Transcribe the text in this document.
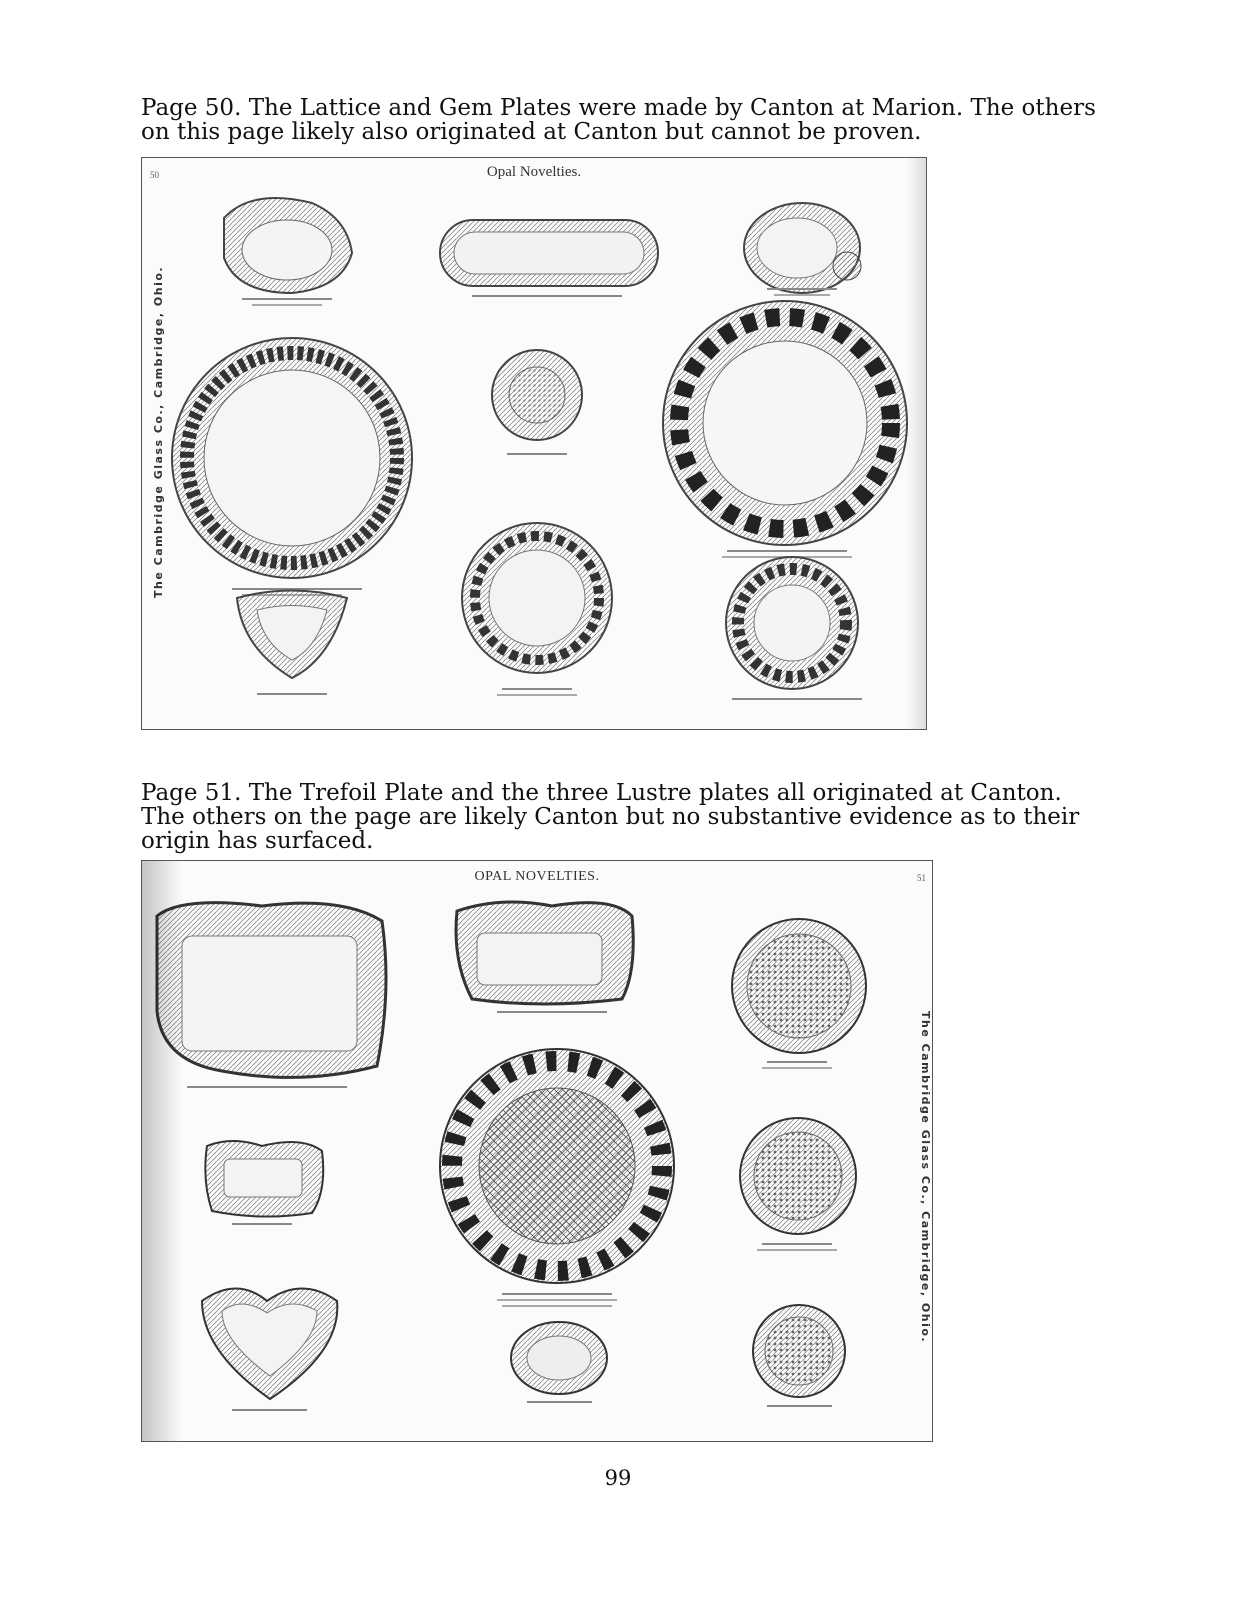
Page 50. The Lattice and Gem Plates were made by Canton at Marion. The others on this page likely also originated at Canton but cannot be proven.

50	Opal Novelties.
The Cambridge Glass Co., Cambridge, Ohio.

Page 51. The Trefoil Plate and the three Lustre plates all originated at Canton. The others on the page are likely Canton but no substantive evidence as to their origin has surfaced.

51
OPAL NOVELTIES.
The Cambridge Glass Co., Cambridge, Ohio.
99
